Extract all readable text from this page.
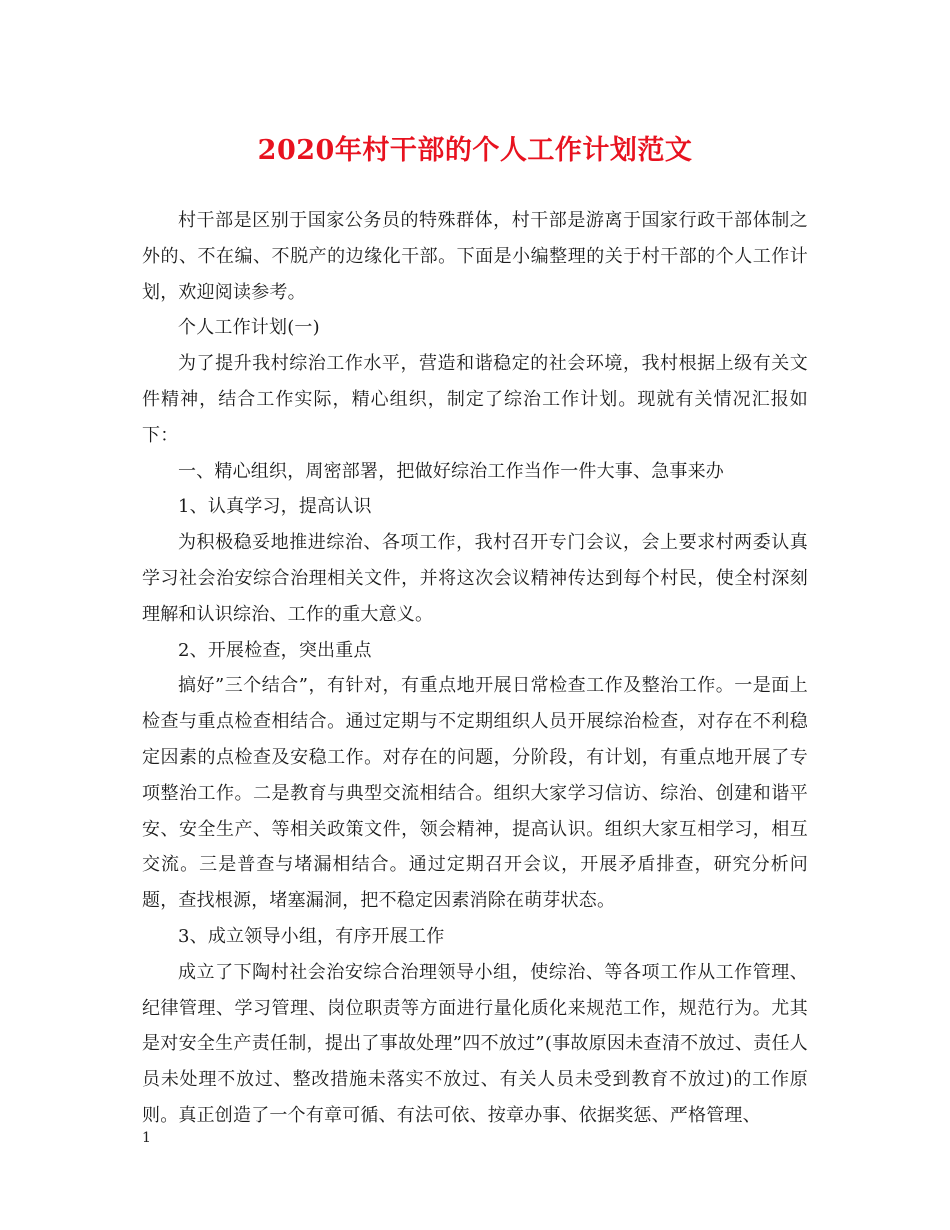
2020年村干部的个人工作计划范文

村干部是区别于国家公务员的特殊群体，村干部是游离于国家行政干部体制之外的、不在编、不脱产的边缘化干部。下面是小编整理的关于村干部的个人工作计划，欢迎阅读参考。

个人工作计划(一)

为了提升我村综治工作水平，营造和谐稳定的社会环境，我村根据上级有关文件精神，结合工作实际，精心组织，制定了综治工作计划。现就有关情况汇报如下：

一、精心组织，周密部署，把做好综治工作当作一件大事、急事来办

1、认真学习，提高认识

为积极稳妥地推进综治、各项工作，我村召开专门会议，会上要求村两委认真学习社会治安综合治理相关文件，并将这次会议精神传达到每个村民，使全村深刻理解和认识综治、工作的重大意义。

2、开展检查，突出重点

搞好”三个结合”，有针对，有重点地开展日常检查工作及整治工作。一是面上检查与重点检查相结合。通过定期与不定期组织人员开展综治检查，对存在不利稳定因素的点检查及安稳工作。对存在的问题，分阶段，有计划，有重点地开展了专项整治工作。二是教育与典型交流相结合。组织大家学习信访、综治、创建和谐平安、安全生产、等相关政策文件，领会精神，提高认识。组织大家互相学习，相互交流。三是普查与堵漏相结合。通过定期召开会议，开展矛盾排查，研究分析问题，查找根源，堵塞漏洞，把不稳定因素消除在萌芽状态。

3、成立领导小组，有序开展工作

成立了下陶村社会治安综合治理领导小组，使综治、等各项工作从工作管理、纪律管理、学习管理、岗位职责等方面进行量化质化来规范工作，规范行为。尤其是对安全生产责任制，提出了事故处理”四不放过”(事故原因未查清不放过、责任人员未处理不放过、整改措施未落实不放过、有关人员未受到教育不放过)的工作原则。真正创造了一个有章可循、有法可依、按章办事、依据奖惩、严格管理、

1
